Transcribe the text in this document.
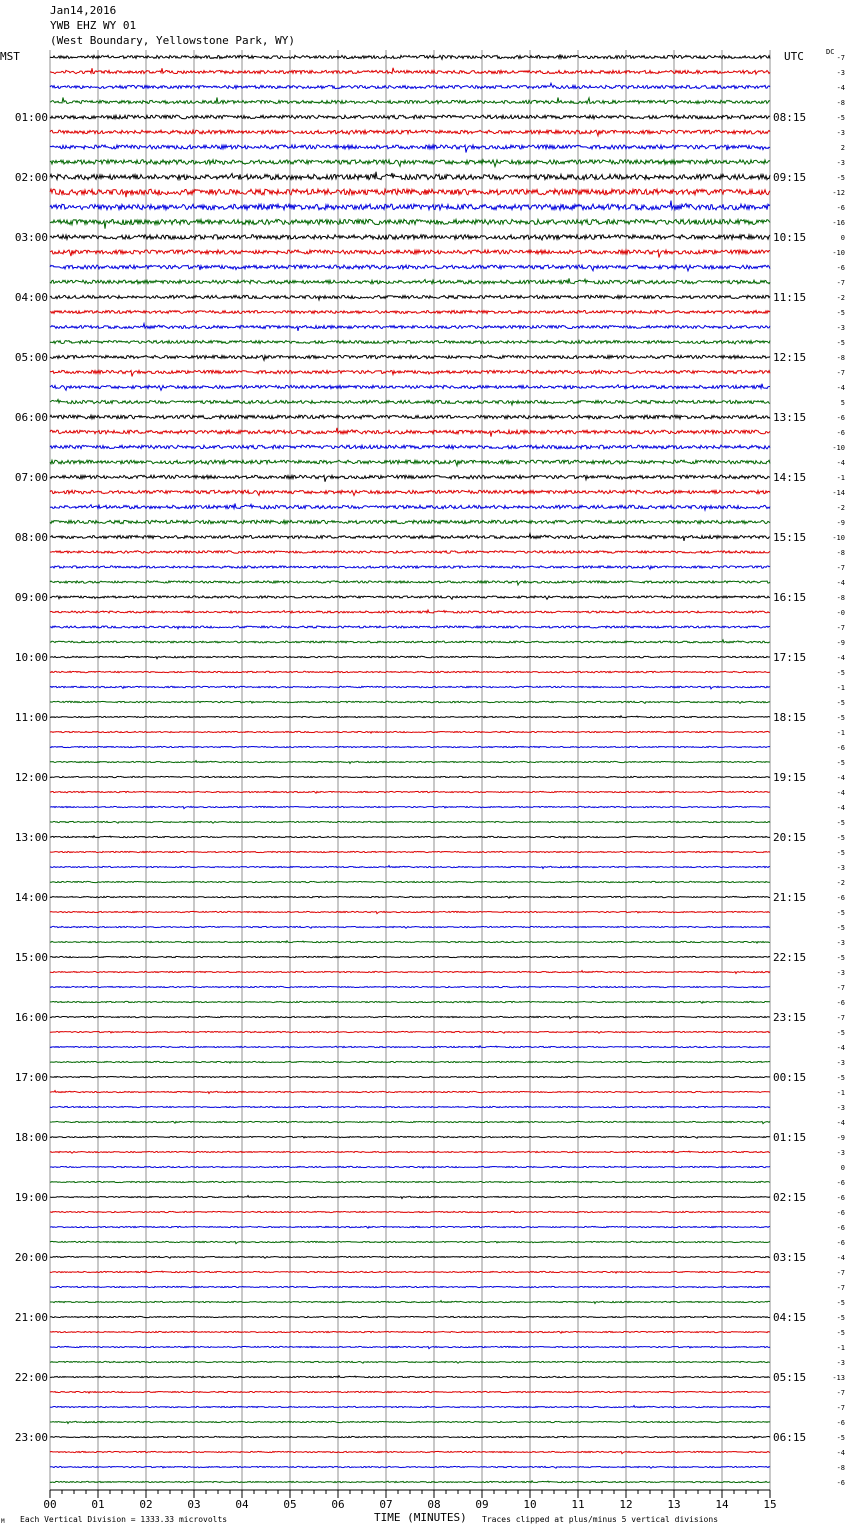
Jan14,2016
YWB EHZ WY 01
(West Boundary, Yellowstone Park, WY)
MST	UTC	DC
-7
-3
-4
-8
-5
-3
2
-3
-5
-12
-6
-16
0
-10
-6
-7
-2
-5
-3
-5
-8
-7
-4
5
-6
-6
-10
-4
-1
-14
-2
-9
-10
-8
-7
-4
-8
-0
-7
-9
-4
-5
-1
-5
-5
-1
-6
-5
-4
-4
-4
-5
-5
-5
-3
-2
-6
-5
-5
-3
-5
-3
-7
-6
-7
-5
-4
-3
-5
-1
-3
-4
-9
-3
0
-6
-6
-6
-6
-6
-4
-7
-7
-5
-5
-5
-1
-3
-13
-7
-7
-6
-5
-4
-8
-6
01:00
02:00
03:00
04:00
05:00
06:00
07:00
08:00
09:00
10:00
11:00
12:00
13:00
14:00
15:00
16:00
17:00
18:00
19:00
20:00
21:00
22:00
23:00
08:15
09:15
10:15
11:15
12:15
13:15
14:15
15:15
16:15
17:15
18:15
19:15
20:15
21:15
22:15
23:15
00:15
01:15
02:15
03:15
04:15
05:15
06:15
00	01	02	03	04	05	06	07	08	09	10	11	12	13	14	15
TIME (MINUTES)
M Each Vertical Division = 1333.33 microvolts	Traces clipped at plus/minus 5 vertical divisions
